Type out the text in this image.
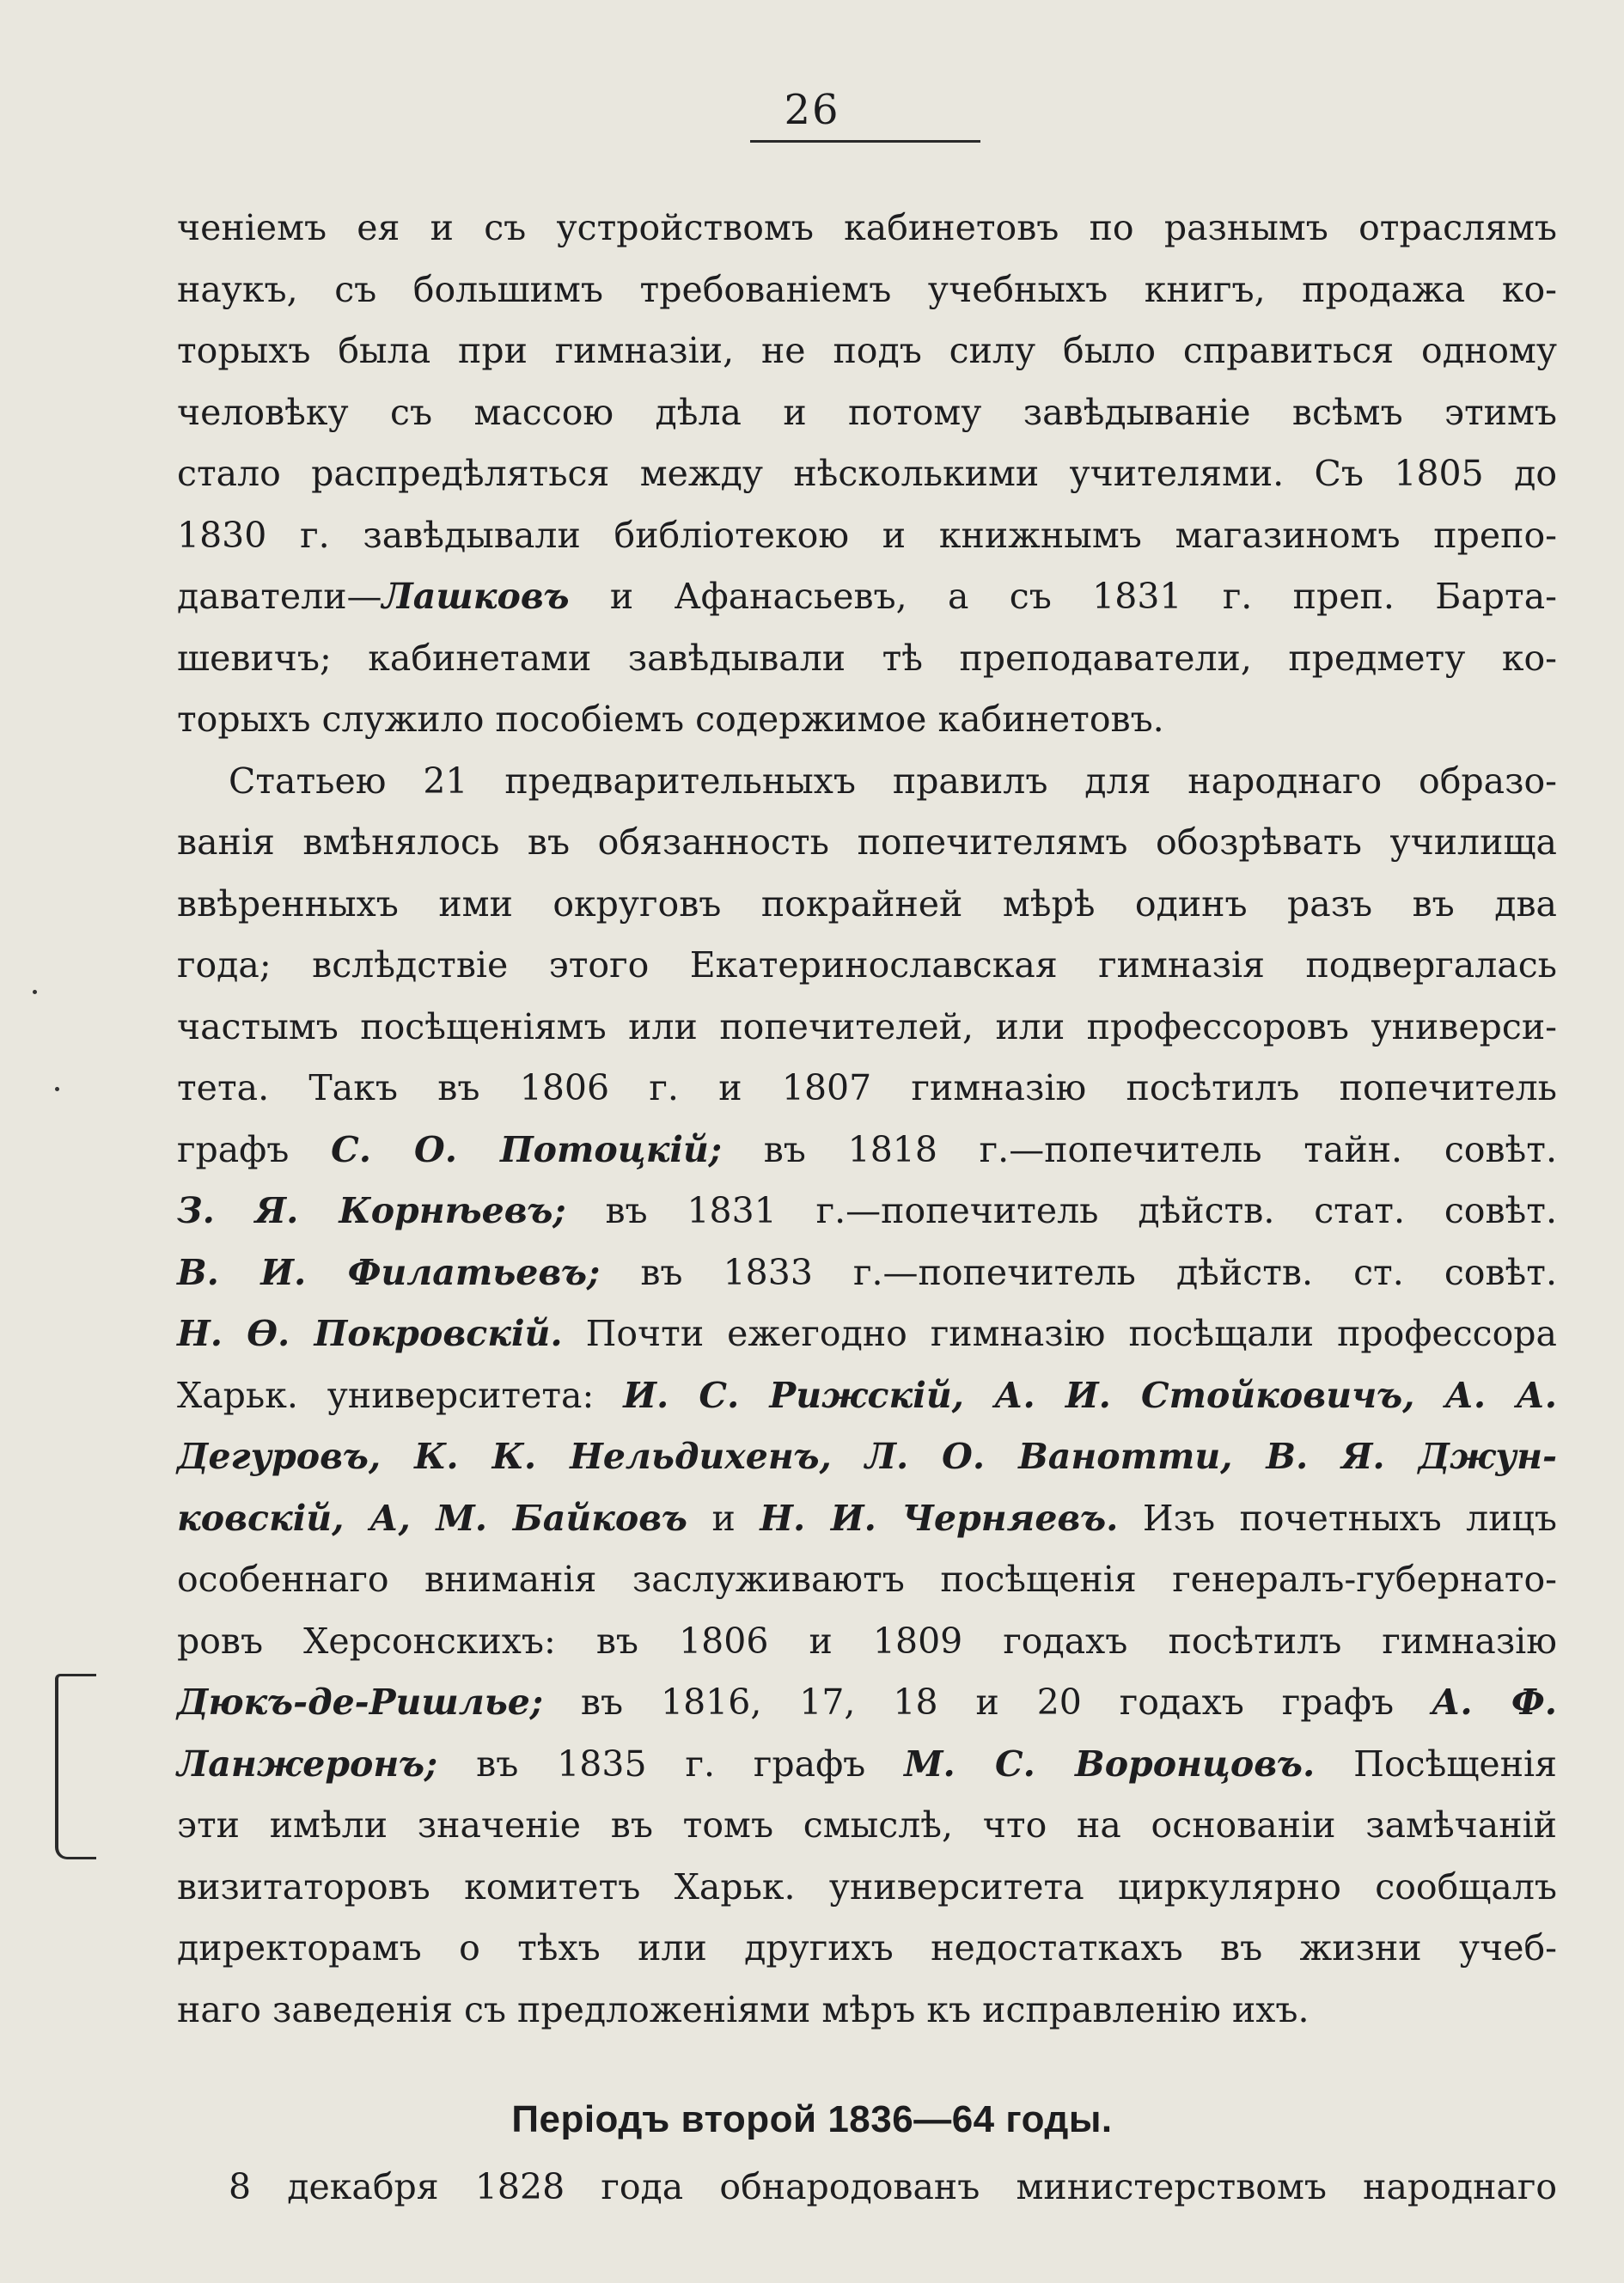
26
ченіемъ ея и съ устройствомъ кабинетовъ по разнымъ отраслямъ
наукъ, съ большимъ требованіемъ учебныхъ книгъ, продажа ко-
торыхъ была при гимназіи, не подъ силу было справиться одному
человѣку съ массою дѣла и потому завѣдываніе всѣмъ этимъ
стало распредѣляться между нѣсколькими учителями. Съ 1805 до
1830 г. завѣдывали библіотекою и книжнымъ магазиномъ препо-
даватели—Лашковъ и Афанасьевъ, а съ 1831 г. преп. Барта-
шевичъ; кабинетами завѣдывали тѣ преподаватели, предмету ко-
торыхъ служило пособіемъ содержимое кабинетовъ.
Статьею 21 предварительныхъ правилъ для народнаго образо-
ванія вмѣнялось въ обязанность попечителямъ обозрѣвать училища
ввѣренныхъ ими округовъ покрайней мѣрѣ одинъ разъ въ два
года; вслѣдствіе этого Екатеринославская гимназія подвергалась
частымъ посѣщеніямъ или попечителей, или профессоровъ универси-
тета. Такъ въ 1806 г. и 1807 гимназію посѣтилъ попечитель
графъ С. О. Потоцкій; въ 1818 г.—попечитель тайн. совѣт.
З. Я. Корнѣевъ; въ 1831 г.—попечитель дѣйств. стат. совѣт.
В. И. Филатьевъ; въ 1833 г.—попечитель дѣйств. ст. совѣт.
Н. Ѳ. Покровскій. Почти ежегодно гимназію посѣщали профессора
Харьк. университета: И. С. Рижскій, А. И. Стойковичъ, А. А.
Дегуровъ, К. К. Нельдихенъ, Л. О. Ванотти, В. Я. Джун-
ковскій, А, М. Байковъ и Н. И. Черняевъ. Изъ почетныхъ лицъ
особеннаго вниманія заслуживаютъ посѣщенія генералъ-губернато-
ровъ Херсонскихъ: въ 1806 и 1809 годахъ посѣтилъ гимназію
Дюкъ-де-Ришлье; въ 1816, 17, 18 и 20 годахъ графъ А. Ф.
Ланжеронъ; въ 1835 г. графъ М. С. Воронцовъ. Посѣщенія
эти имѣли значеніе въ томъ смыслѣ, что на основаніи замѣчаній
визитаторовъ комитетъ Харьк. университета циркулярно сообщалъ
директорамъ о тѣхъ или другихъ недостаткахъ въ жизни учеб-
наго заведенія съ предложеніями мѣръ къ исправленію ихъ.
Періодъ второй 1836—64 годы.
8 декабря 1828 года обнародованъ министерствомъ народнаго
